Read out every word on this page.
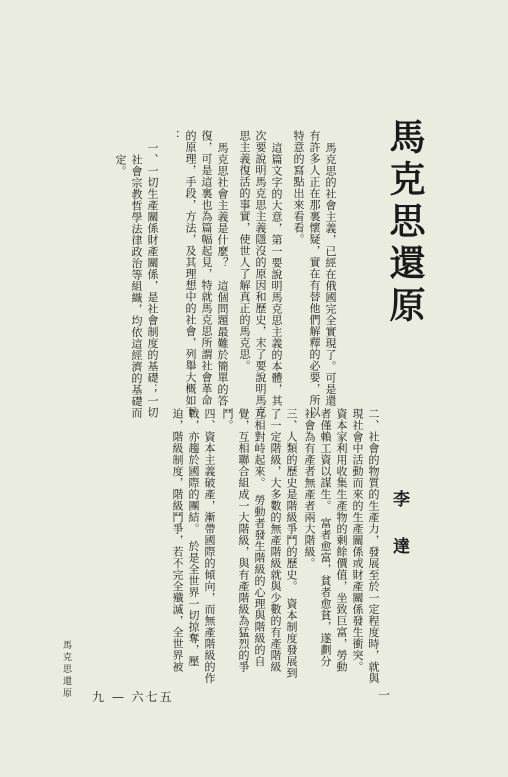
馬克思還原
李 達
二、社會的物質的生產力，發展至於一定程度時，就與
現社會中活動而來的生產關係或財產關係發生衝突。
資本家利用收集生產物的剩餘價值，坐致巨富，勞動
者僅賴工資以謀生。　富者愈富，貧者愈貧，遂劃分
社會為有產者無產者兩大階級。
三、人類的歷史是階級爭鬥的歷史。　資本制度發展到
了一定階級，大多數的無產階級就與少數的有產階級
互相對峙起來。　勞動者發生階級的心理與階級的自
覺，互相聯合組成一大階級，與有產階級為猛烈的爭
鬥。
四、資本主義破產，漸帶國際的傾向，而無產階級的作
戰，亦趨於國際的團結。　於是全世界一切掠奪，壓
迫，階級制度，階級鬥爭，若不完全殲滅，全世界被
馬克思的社會主義，已經在俄國完全實現了。可是還
有許多人正在那裏懷疑，實在有替他們解釋的必要，所以
特意的寫點出來看看。
這篇文字的大意，第一要說明馬克思主義的本體，其
次要說明馬克思主義隱沒的原因和歷史，末了要說明馬克
思主義復活的事實，使世人了解真正的馬克思。
馬克思社會主義是什麼？　這個問題最難於簡單的答
復，可是這裏也為篇幅起見，特就馬克思所謂社會革命
的原理，手段，方法，及其理想中的社會，列舉大概如下
：
一、一切生產關係財產關係，是社會制度的基礎；一切
社會宗教哲學法律政治等組織，均依這經濟的基礎而
定。
馬克思還原	一
九 — 六七五
